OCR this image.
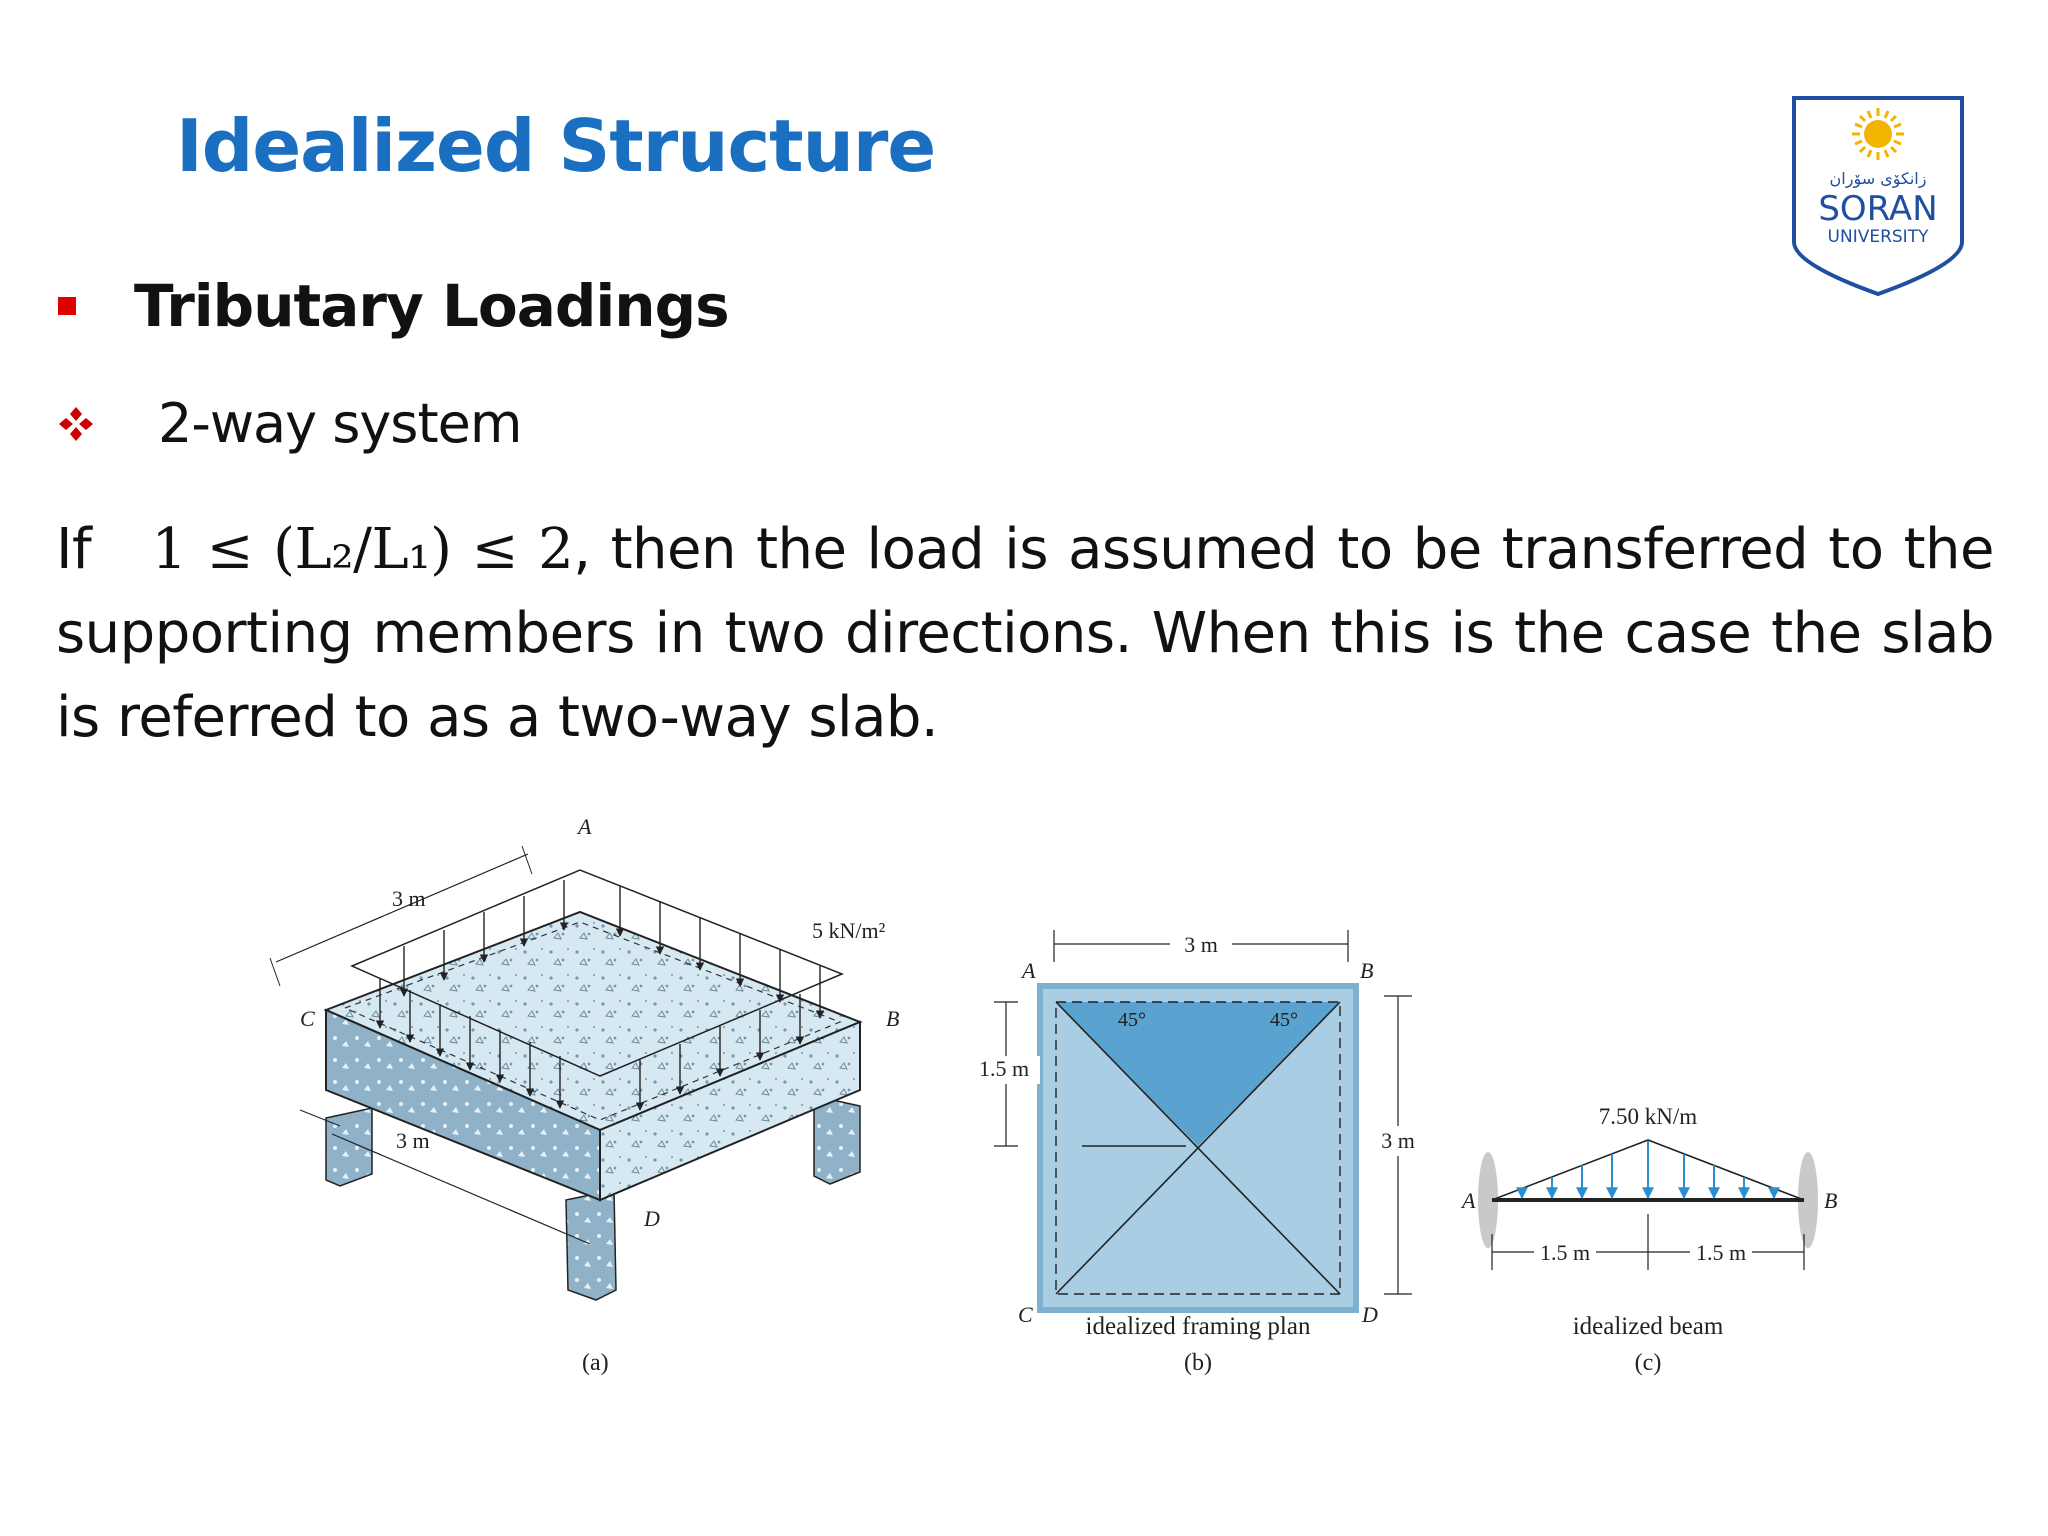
Idealized Structure	زانكۆی سۆران
SORAN
UNIVERSITY
Tributary Loadings
2-way system
If 1 ≤ (L₂/L₁) ≤ 2, then the load is assumed to be transferred to the supporting members in two directions. When this is the case the slab is referred to as a two-way slab.
3 m
3 m
5 kN/m²
A
B
C
D
(a)
3 m
1.5 m
3 m
45°	45°
A	B
C	D
idealized framing plan
(b)
7.50 kN/m
1.5 m	1.5 m
A	B
idealized beam
(c)
